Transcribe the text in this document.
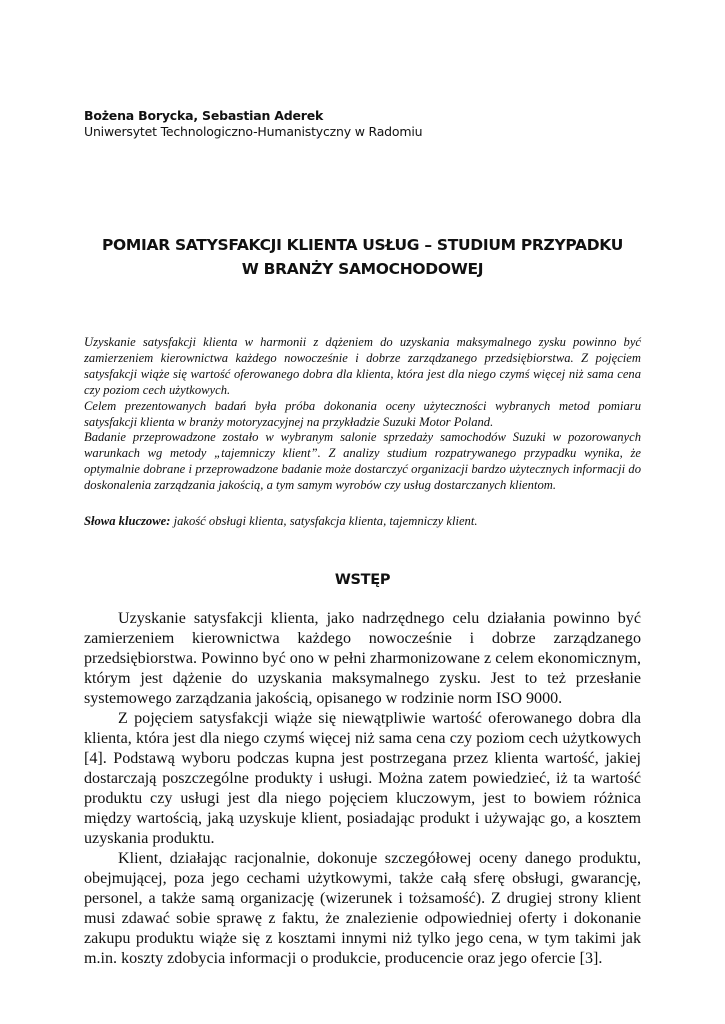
Bożena Borycka, Sebastian Aderek
Uniwersytet Technologiczno-Humanistyczny w Radomiu
POMIAR SATYSFAKCJI KLIENTA USŁUG – STUDIUM PRZYPADKU
W BRANŻY SAMOCHODOWEJ

Uzyskanie satysfakcji klienta w harmonii z dążeniem do uzyskania maksymalnego zysku powinno być zamierzeniem kierownictwa każdego nowocześnie i dobrze zarządzanego przedsiębiorstwa. Z pojęciem satysfakcji wiąże się wartość oferowanego dobra dla klienta, która jest dla niego czymś więcej niż sama cena czy poziom cech użytkowych.

Celem prezentowanych badań była próba dokonania oceny użyteczności wybranych metod pomiaru satysfakcji klienta w branży motoryzacyjnej na przykładzie Suzuki Motor Poland.

Badanie przeprowadzone zostało w wybranym salonie sprzedaży samochodów Suzuki w pozorowanych warunkach wg metody „tajemniczy klient”. Z analizy studium rozpatrywanego przypadku wynika, że optymalnie dobrane i przeprowadzone badanie może dostarczyć organizacji bardzo użytecznych informacji do doskonalenia zarządzania jakością, a tym samym wyrobów czy usług dostarczanych klientom.

Słowa kluczowe: jakość obsługi klienta, satysfakcja klienta, tajemniczy klient.
WSTĘP

Uzyskanie satysfakcji klienta, jako nadrzędnego celu działania powinno być zamierzeniem kierownictwa każdego nowocześnie i dobrze zarządzanego przedsiębiorstwa. Powinno być ono w pełni zharmonizowane z celem ekonomicznym, którym jest dążenie do uzyskania maksymalnego zysku. Jest to też przesłanie systemowego zarządzania jakością, opisanego w rodzinie norm ISO 9000.

Z pojęciem satysfakcji wiąże się niewątpliwie wartość oferowanego dobra dla klienta, która jest dla niego czymś więcej niż sama cena czy poziom cech użytkowych [4]. Podstawą wyboru podczas kupna jest postrzegana przez klienta wartość, jakiej dostarczają poszczególne produkty i usługi. Można zatem powiedzieć, iż ta wartość produktu czy usługi jest dla niego pojęciem kluczowym, jest to bowiem różnica między wartością, jaką uzyskuje klient, posiadając produkt i używając go, a kosztem uzyskania produktu.

Klient, działając racjonalnie, dokonuje szczegółowej oceny danego produktu, obejmującej, poza jego cechami użytkowymi, także całą sferę obsługi, gwarancję, personel, a także samą organizację (wizerunek i tożsamość). Z drugiej strony klient musi zdawać sobie sprawę z faktu, że znalezienie odpowiedniej oferty i dokonanie zakupu produktu wiąże się z kosztami innymi niż tylko jego cena, w tym takimi jak m.in. koszty zdobycia informacji o produkcie, producencie oraz jego ofercie [3].
